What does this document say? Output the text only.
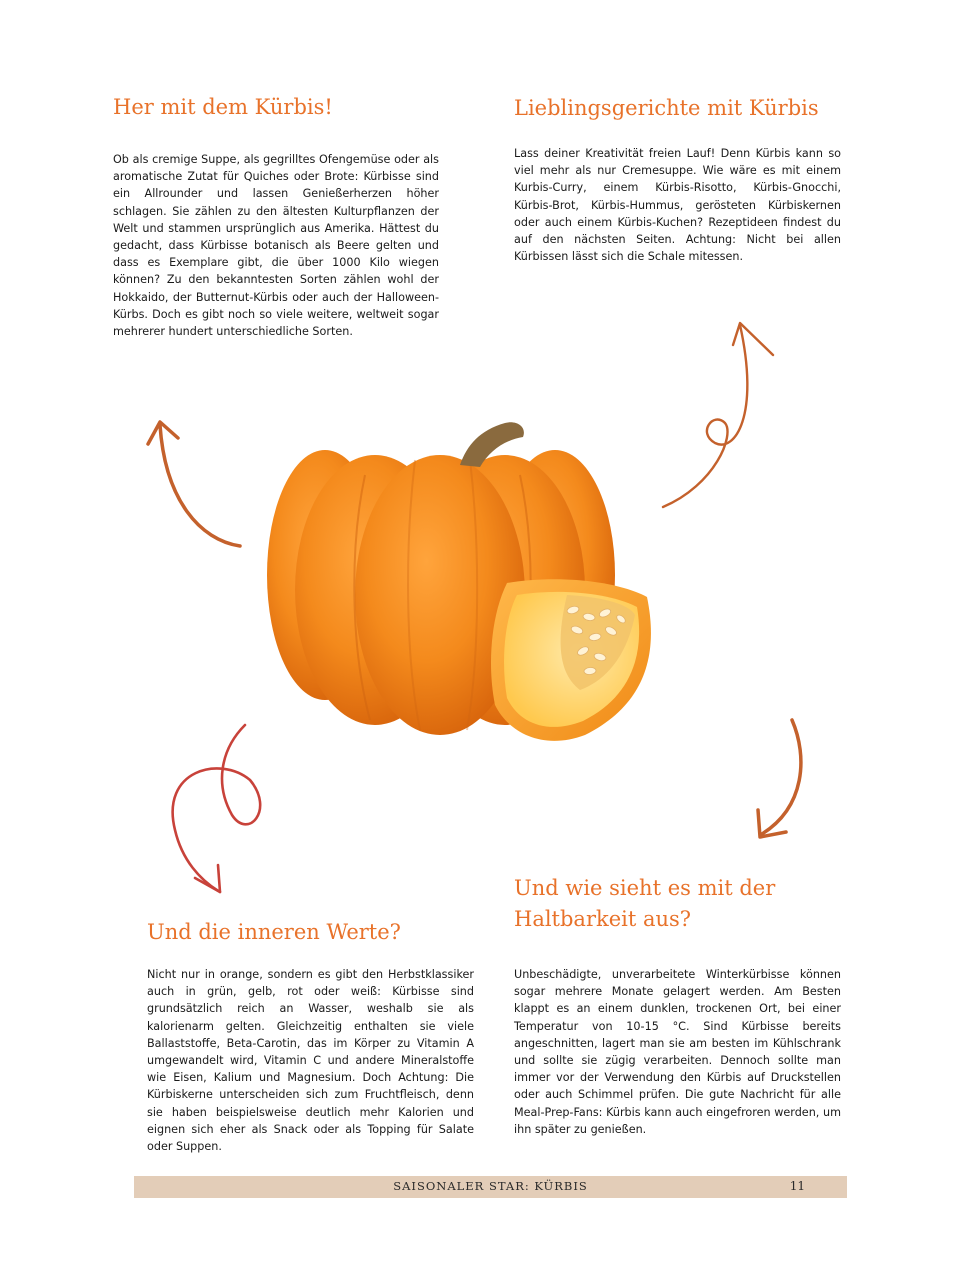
Her mit dem Kürbis!

Ob als cremige Suppe, als gegrilltes Ofengemüse oder als aromatische Zutat für Quiches oder Brote: Kürbisse sind ein Allrounder und lassen Genießerherzen höher schlagen. Sie zählen zu den ältesten Kulturpflanzen der Welt und stammen ursprünglich aus Amerika. Hättest du gedacht, dass Kürbisse botanisch als Beere gelten und dass es Exemplare gibt, die über 1000 Kilo wiegen können? Zu den bekanntesten Sorten zählen wohl der Hokkaido, der Butternut-Kürbis oder auch der Halloween-Kürbs. Doch es gibt noch so viele weitere, weltweit sogar mehrerer hundert unterschiedliche Sorten.

Lieblingsgerichte mit Kürbis

Lass deiner Kreativität freien Lauf! Denn Kürbis kann so viel mehr als nur Cremesuppe. Wie wäre es mit einem Kurbis-Curry, einem Kürbis-Risotto, Kürbis-Gnocchi, Kürbis-Brot, Kürbis-Hummus, gerösteten Kürbiskernen oder auch einem Kürbis-Kuchen? Rezeptideen findest du auf den nächsten Seiten. Achtung: Nicht bei allen Kürbissen lässt sich die Schale mitessen.

Und wie sieht es mit der Haltbarkeit aus?

Unbeschädigte, unverarbeitete Winterkürbisse können sogar mehrere Monate gelagert werden. Am Besten klappt es an einem dunklen, trockenen Ort, bei einer Temperatur von 10-15 °C. Sind Kürbisse bereits angeschnitten, lagert man sie am besten im Kühlschrank und sollte sie zügig verarbeiten. Dennoch sollte man immer vor der Verwendung den Kürbis auf Druckstellen oder auch Schimmel prüfen. Die gute Nachricht für alle Meal-Prep-Fans: Kürbis kann auch eingefroren werden, um ihn später zu genießen.

Und die inneren Werte?

Nicht nur in orange, sondern es gibt den Herbstklassiker auch in grün, gelb, rot oder weiß: Kürbisse sind grundsätzlich reich an Wasser, weshalb sie als kalorienarm gelten. Gleichzeitig enthalten sie viele Ballaststoffe, Beta-Carotin, das im Körper zu Vitamin A umgewandelt wird, Vitamin C und andere Mineralstoffe wie Eisen, Kalium und Magnesium. Doch Achtung: Die Kürbiskerne unterscheiden sich zum Fruchtfleisch, denn sie haben beispielsweise deutlich mehr Kalorien und eignen sich eher als Snack oder als Topping für Salate oder Suppen.

SAISONALER STAR: KÜRBIS	11
